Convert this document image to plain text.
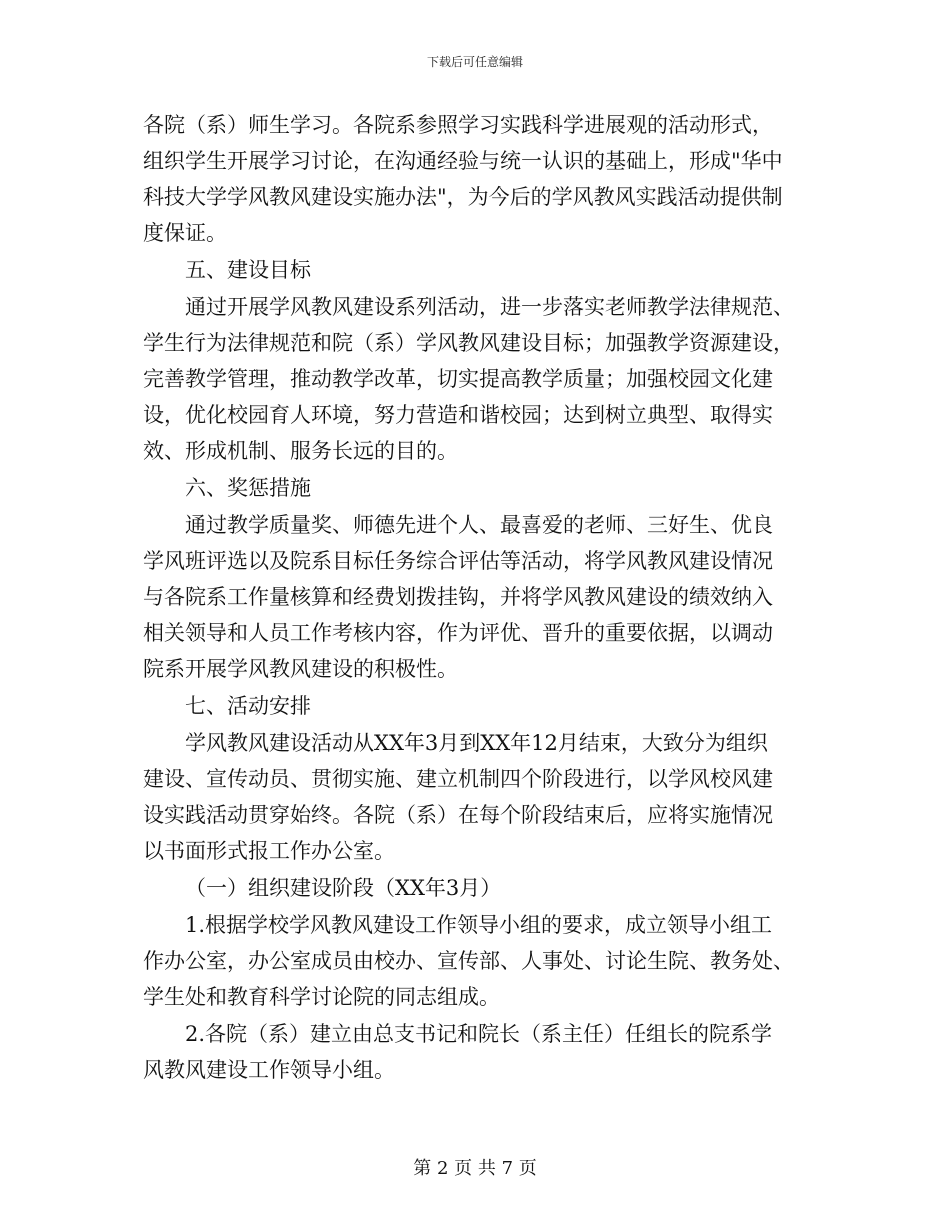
下载后可任意编辑
各院（系）师生学习。各院系参照学习实践科学进展观的活动形式，
组织学生开展学习讨论，在沟通经验与统一认识的基础上，形成"华中
科技大学学风教风建设实施办法"，为今后的学风教风实践活动提供制
度保证。
五、建设目标
通过开展学风教风建设系列活动，进一步落实老师教学法律规范、
学生行为法律规范和院（系）学风教风建设目标；加强教学资源建设，
完善教学管理，推动教学改革，切实提高教学质量；加强校园文化建
设，优化校园育人环境，努力营造和谐校园；达到树立典型、取得实
效、形成机制、服务长远的目的。
六、奖惩措施
通过教学质量奖、师德先进个人、最喜爱的老师、三好生、优良
学风班评选以及院系目标任务综合评估等活动，将学风教风建设情况
与各院系工作量核算和经费划拨挂钩，并将学风教风建设的绩效纳入
相关领导和人员工作考核内容，作为评优、晋升的重要依据，以调动
院系开展学风教风建设的积极性。
七、活动安排
学风教风建设活动从XX年3月到XX年12月结束，大致分为组织
建设、宣传动员、贯彻实施、建立机制四个阶段进行，以学风校风建
设实践活动贯穿始终。各院（系）在每个阶段结束后，应将实施情况
以书面形式报工作办公室。
（一）组织建设阶段（XX年3月）
1.根据学校学风教风建设工作领导小组的要求，成立领导小组工
作办公室，办公室成员由校办、宣传部、人事处、讨论生院、教务处、
学生处和教育科学讨论院的同志组成。
2.各院（系）建立由总支书记和院长（系主任）任组长的院系学
风教风建设工作领导小组。
第 2 页 共 7 页
